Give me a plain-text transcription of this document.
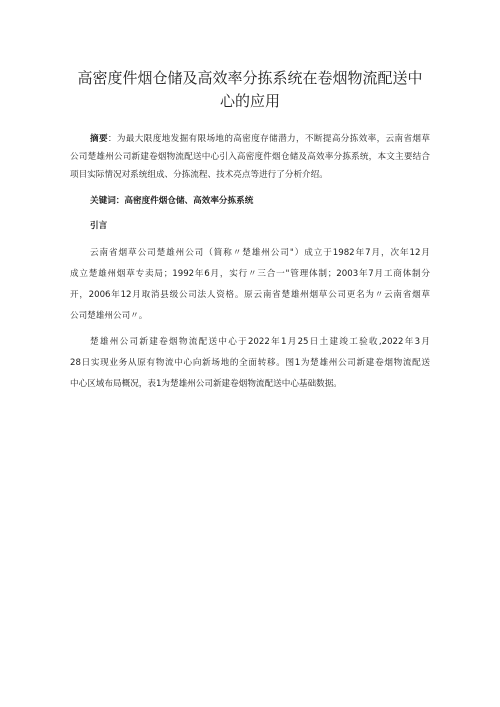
高密度件烟仓储及高效率分拣系统在卷烟物流配送中
心的应用
摘要：为最大限度地发掘有限场地的高密度存储潜力，不断提高分拣效率，云南省烟草
公司楚雄州公司新建卷烟物流配送中心引入高密度件烟仓储及高效率分拣系统，本文主要结合
项目实际情况对系统组成、分拣流程、技术亮点等进行了分析介绍。
关键词：高密度件烟仓储、高效率分拣系统
引言
云南省烟草公司楚雄州公司（简称〃楚雄州公司"）成立于1982年7月，次年12月
成立楚雄州烟草专卖局；1992年6月，实行〃三合一"管理体制；2003年7月工商体制分
开，2006年12月取消县级公司法人资格。原云南省楚雄州烟草公司更名为〃云南省烟草
公司楚雄州公司〃。
楚雄州公司新建卷烟物流配送中心于2022年1月25日土建竣工验收,2022年3月
28日实现业务从原有物流中心向新场地的全面转移。图1为楚雄州公司新建卷烟物流配送
中心区域布局概况，表1为楚雄州公司新建卷烟物流配送中心基础数据。
